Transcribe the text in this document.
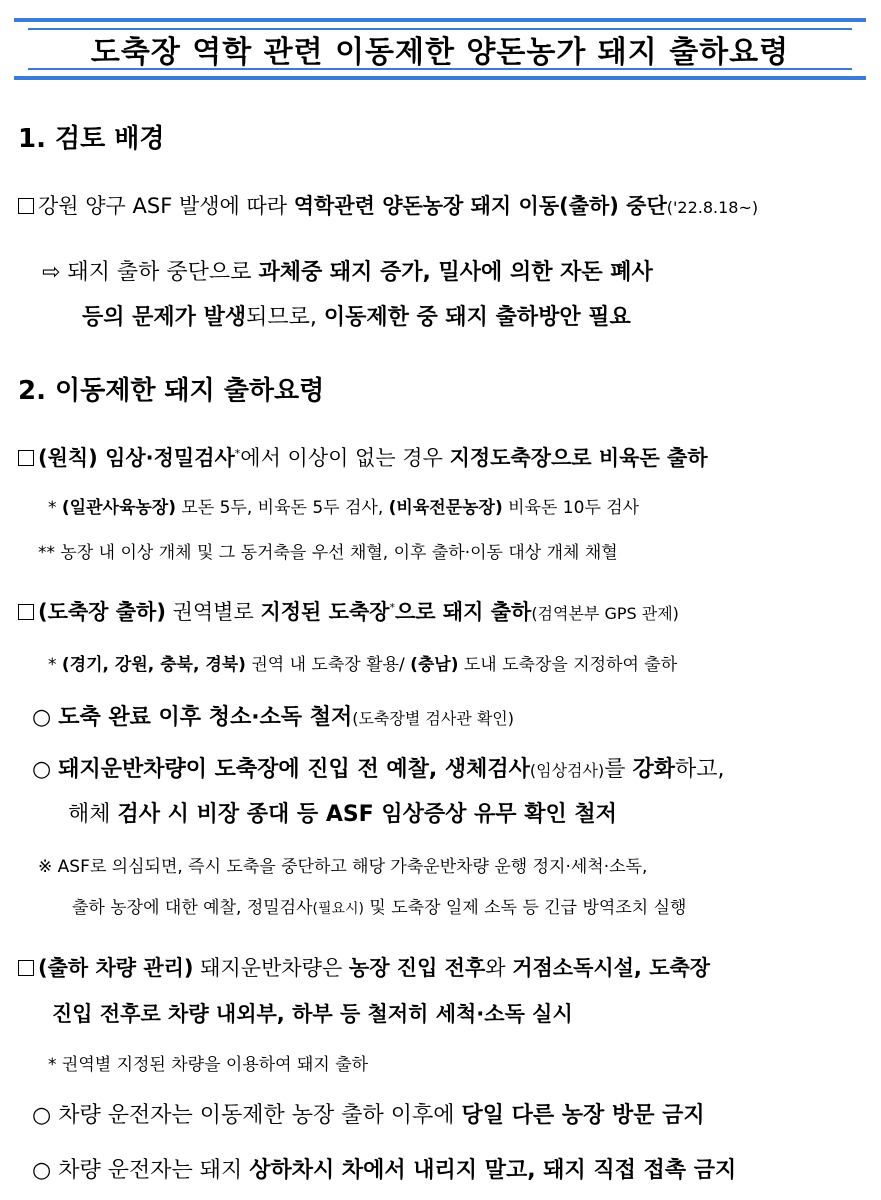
도축장 역학 관련 이동제한 양돈농가 돼지 출하요령
1. 검토 배경
강원 양구 ASF 발생에 따라 역학관련 양돈농장 돼지 이동(출하) 중단('22.8.18~)
⇨ 돼지 출하 중단으로 과체중 돼지 증가, 밀사에 의한 자돈 폐사
등의 문제가 발생되므로, 이동제한 중 돼지 출하방안 필요
2. 이동제한 돼지 출하요령
(원칙) 임상·정밀검사*에서 이상이 없는 경우 지정도축장으로 비육돈 출하
* (일관사육농장) 모돈 5두, 비육돈 5두 검사, (비육전문농장) 비육돈 10두 검사
** 농장 내 이상 개체 및 그 동거축을 우선 채혈, 이후 출하·이동 대상 개체 채혈
(도축장 출하) 권역별로 지정된 도축장*으로 돼지 출하(검역본부 GPS 관제)
* (경기, 강원, 충북, 경북) 권역 내 도축장 활용/ (충남) 도내 도축장을 지정하여 출하
○ 도축 완료 이후 청소·소독 철저(도축장별 검사관 확인)
○ 돼지운반차량이 도축장에 진입 전 예찰, 생체검사(임상검사)를 강화하고,
해체 검사 시 비장 종대 등 ASF 임상증상 유무 확인 철저
※ ASF로 의심되면, 즉시 도축을 중단하고 해당 가축운반차량 운행 정지·세척·소독,
출하 농장에 대한 예찰, 정밀검사(필요시) 및 도축장 일제 소독 등 긴급 방역조치 실행
(출하 차량 관리) 돼지운반차량은 농장 진입 전후와 거점소독시설, 도축장
진입 전후로 차량 내외부, 하부 등 철저히 세척·소독 실시
* 권역별 지정된 차량을 이용하여 돼지 출하
○ 차량 운전자는 이동제한 농장 출하 이후에 당일 다른 농장 방문 금지
○ 차량 운전자는 돼지 상하차시 차에서 내리지 말고, 돼지 직접 접촉 금지
